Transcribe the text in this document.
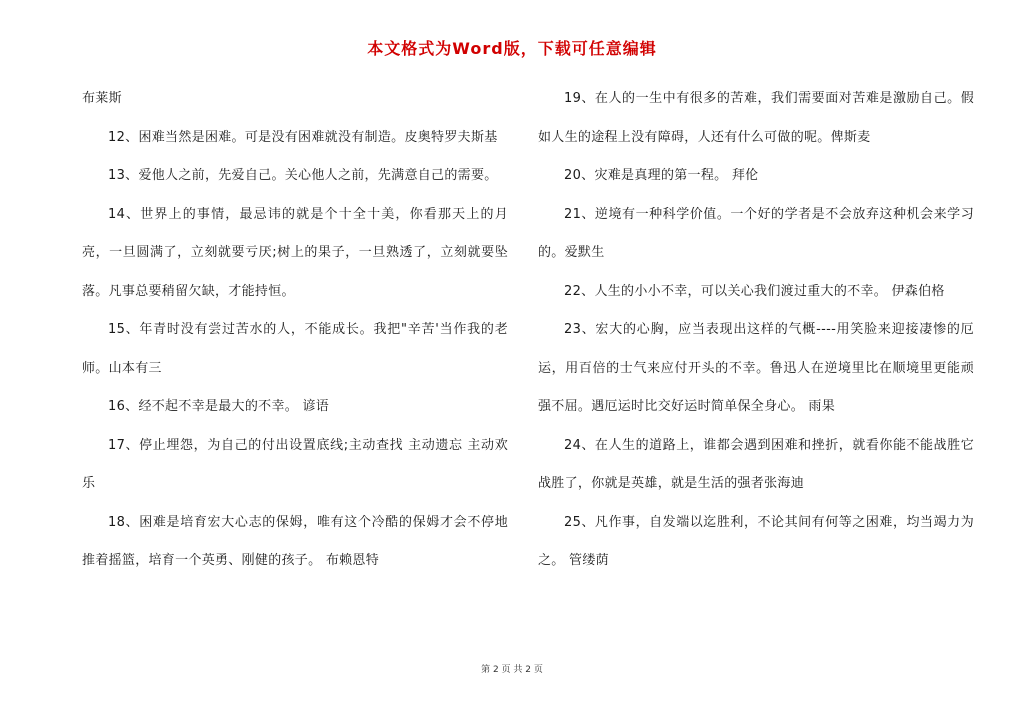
本文格式为Word版，下载可任意编辑

布莱斯

12、困难当然是困难。可是没有困难就没有制造。皮奥特罗夫斯基

13、爱他人之前，先爱自己。关心他人之前，先满意自己的需要。

14、世界上的事情，最忌讳的就是个十全十美，你看那天上的月亮，一旦圆满了，立刻就要亏厌;树上的果子，一旦熟透了，立刻就要坠落。凡事总要稍留欠缺，才能持恒。

15、年青时没有尝过苦水的人，不能成长。我把"辛苦'当作我的老师。山本有三

16、经不起不幸是最大的不幸。 谚语

17、停止埋怨，为自己的付出设置底线;主动查找 主动遗忘 主动欢乐

18、困难是培育宏大心志的保姆，唯有这个冷酷的保姆才会不停地推着摇篮，培育一个英勇、刚健的孩子。 布赖恩特

19、在人的一生中有很多的苦难，我们需要面对苦难是激励自己。假如人生的途程上没有障碍，人还有什么可做的呢。俾斯麦

20、灾难是真理的第一程。 拜伦

21、逆境有一种科学价值。一个好的学者是不会放弃这种机会来学习的。爱默生

22、人生的小小不幸，可以关心我们渡过重大的不幸。 伊森伯格

23、宏大的心胸，应当表现出这样的气概----用笑脸来迎接凄惨的厄运，用百倍的士气来应付开头的不幸。鲁迅人在逆境里比在顺境里更能顽强不屈。遇厄运时比交好运时简单保全身心。 雨果

24、在人生的道路上，谁都会遇到困难和挫折，就看你能不能战胜它战胜了，你就是英雄，就是生活的强者张海迪

25、凡作事，自发端以迄胜利，不论其间有何等之困难，均当竭力为之。 管缕荫

第 2 页 共 2 页
